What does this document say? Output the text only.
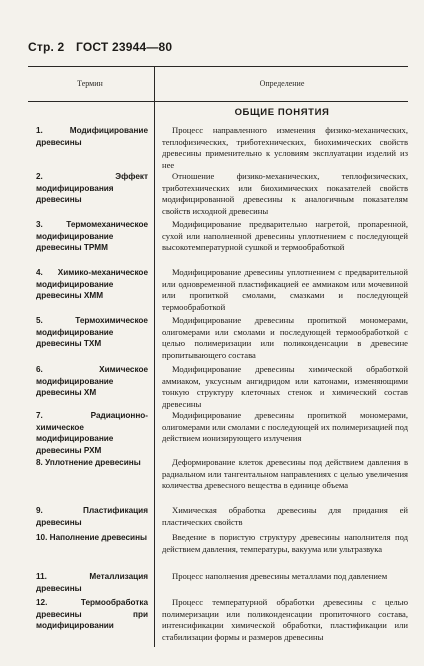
Стр. 2 ГОСТ 23944—80
Термин	Определение
ОБЩИЕ ПОНЯТИЯ
1. Модифицирование древесины
Процесс направленного изменения физико-механических, теплофизических, триботехнических, биохимических свойств древесины применительно к условиям эксплуатации изделий из нее
2. Эффект модифицирования древесины
Отношение физико-механических, теплофизических, триботехнических или биохимических показателей свойств модифицированной древесины к аналогичным показателям свойств исходной древесины
3. Термомеханическое модифицирование древесины ТРММ
Модифицирование предварительно нагретой, пропаренной, сухой или наполненной древесины уплотнением с последующей высокотемпературной сушкой и термообработкой
4. Химико-механическое модифицирование древесины ХММ
Модифицирование древесины уплотнением с предварительной или одновременной пластификацией ее аммиаком или мочевиной или пропиткой смолами, смазками и последующей термообработкой
5. Термохимическое модифицирование древесины ТХМ
Модифицирование древесины пропиткой мономерами, олигомерами или смолами и последующей термообработкой с целью полимеризации или поликонденсации в древесине пропитывающего состава
6. Химическое модифицирование древесины ХМ
Модифицирование древесины химической обработкой аммиаком, уксусным ангидридом или катонами, изменяющими тонкую структуру клеточных стенок и химический состав древесины
7. Радиационно-химическое модифицирование древесины РХМ
Модифицирование древесины пропиткой мономерами, олигомерами или смолами с последующей их полимеризацией под действием ионизирующего излучения
8. Уплотнение древесины	Деформирование клеток древесины под действием давления в радиальном или тангентальном направлениях с целью увеличения количества древесного вещества в единице объема
9. Пластификация древесины
Химическая обработка древесины для придания ей пластических свойств
10. Наполнение древесины	Введение в пористую структуру древесины наполнителя под действием давления, температуры, вакуума или ультразвука
11. Металлизация древесины
Процесс наполнения древесины металлами под давлением
12. Термообработка древесины при модифицировании
Процесс температурной обработки древесины с целью полимеризации или поликонденсации пропиточного состава, интенсификации химической обработки, пластификации или стабилизации формы и размеров древесины
